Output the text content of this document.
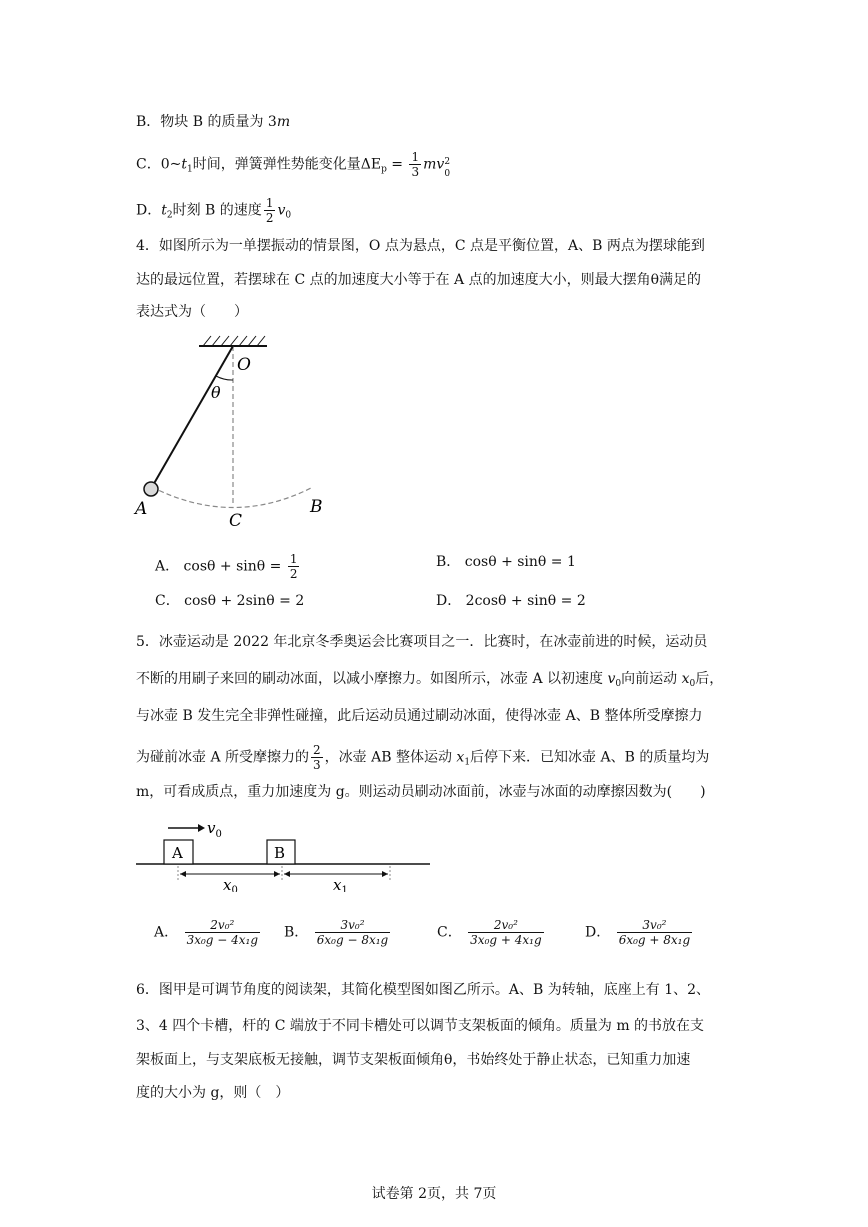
B．物块 B 的质量为 3m
C．$0\sim t_1$时间，弹簧弹性势能变化量$\Delta E_p = \frac{1}{3}$ mv 2
0
D．$t_2$时刻 B 的速度 $\frac{1}{2} v_0$
4．如图所示为一单摆振动的情景图，O 点为悬点，C 点是平衡位置，A、B 两点为摆球能到
达的最远位置，若摆球在 C 点的加速度大小等于在 A 点的加速度大小，则最大摆角θ满足的
表达式为（　　）
O
θ
A
C
B
A． $\cos\theta + \sin\theta = \frac{1}{2}$	B． cosθ + sinθ = 1
C． cosθ + 2sinθ = 2	D． 2cosθ + sinθ = 2
5．冰壶运动是 2022 年北京冬季奥运会比赛项目之一．比赛时，在冰壶前进的时候，运动员
不断的用刷子来回的刷动冰面，以减小摩擦力。如图所示，冰壶 A 以初速度 $v_0$向前运动 $x_0$后，
与冰壶 B 发生完全非弹性碰撞，此后运动员通过刷动冰面，使得冰壶 A、B 整体所受摩擦力
为碰前冰壶 A 所受摩擦力的 $\frac{2}{3}$ ，冰壶 AB 整体运动 $x_1$后停下来．已知冰壶 A、B 的质量均为
m，可看成质点，重力加速度为 g。则运动员刷动冰面前，冰壶与冰面的动摩擦因数为(　　)
$v_0$
A	B
$x_0$	$x_1$
A． $\frac{\text{2v₀²}}{\text{3x₀g − 4x₁g}}$ B． $\frac{\text{3v₀²}}{\text{6x₀g − 8x₁g}}$	C． $\frac{\text{2v₀²}}{\text{3x₀g + 4x₁g}}$	D． $\frac{\text{3v₀²}}{\text{6x₀g + 8x₁g}}$
6．图甲是可调节角度的阅读架，其简化模型图如图乙所示。A、B 为转轴，底座上有 1、2、
3、4 四个卡槽，杆的 C 端放于不同卡槽处可以调节支架板面的倾角。质量为 m 的书放在支
架板面上，与支架底板无接触，调节支架板面倾角θ，书始终处于静止状态，已知重力加速
度的大小为 g，则（　）
试卷第 2页，共 7页
